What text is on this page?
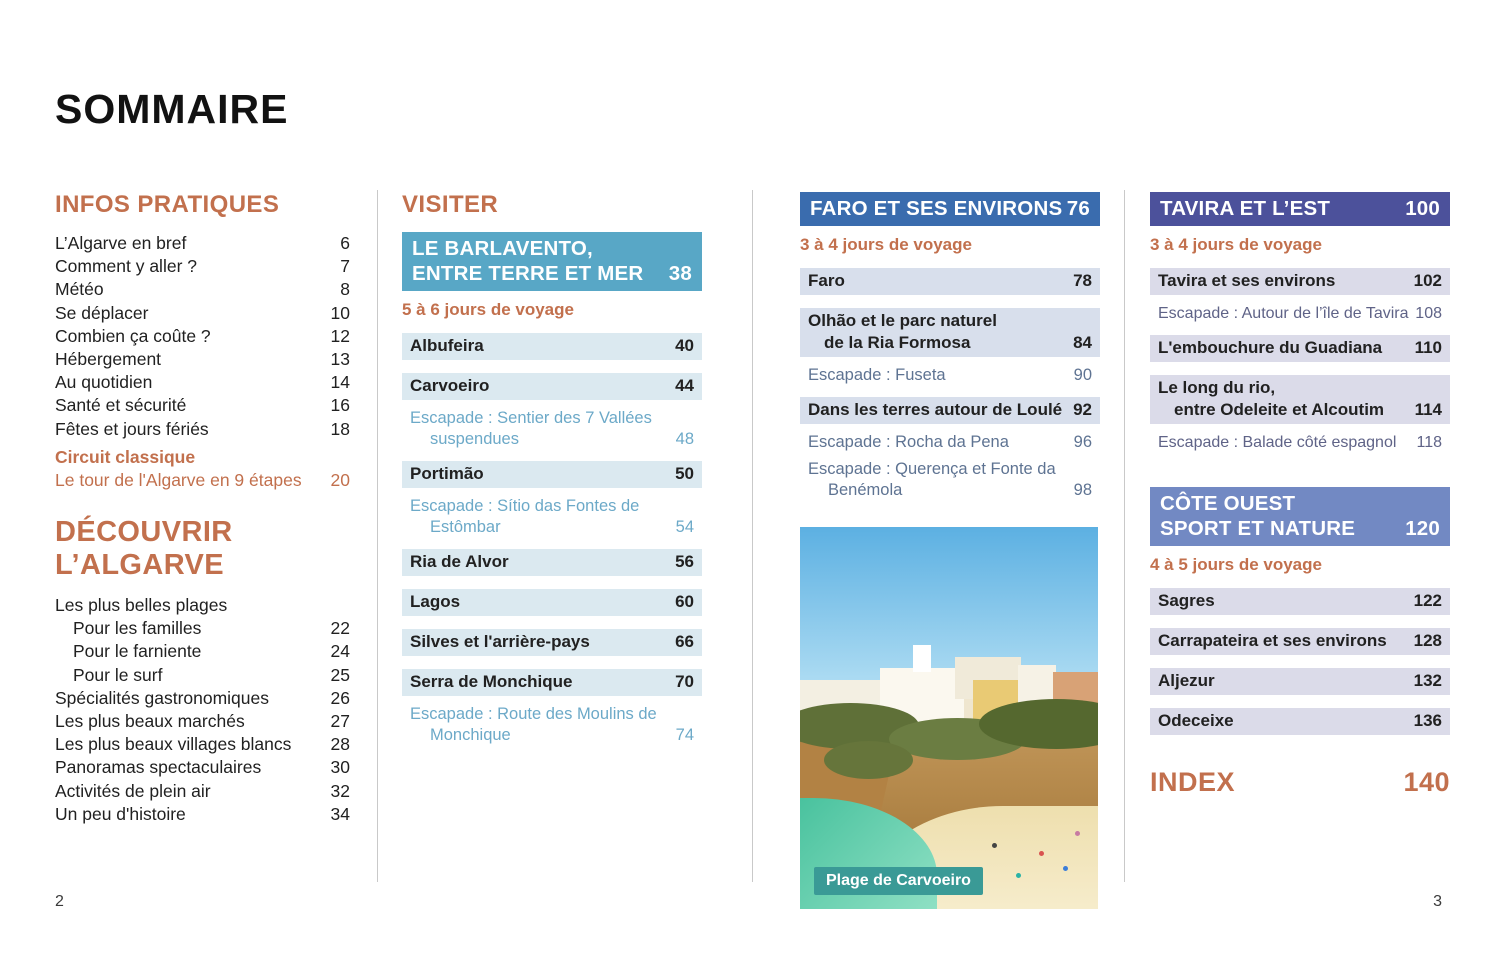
SOMMAIRE
INFOS PRATIQUES
L’Algarve en bref	6
Comment y aller ?	7
Météo	8
Se déplacer	10
Combien ça coûte ?	12
Hébergement	13
Au quotidien	14
Santé et sécurité	16
Fêtes et jours fériés	18
Circuit classique
Le tour de l'Algarve en 9 étapes 20
DÉCOUVRIR
L’ALGARVE
Les plus belles plages
Pour les familles	22
Pour le farniente	24
Pour le surf	25
Spécialités gastronomiques	26
Les plus beaux marchés	27
Les plus beaux villages blancs 28
Panoramas spectaculaires	30
Activités de plein air	32
Un peu d'histoire	34
VISITER
LE BARLAVENTO,
ENTRE TERRE ET MER 38
5 à 6 jours de voyage
Albufeira	40
Carvoeiro	44
Escapade : Sentier des 7 Vallées
suspendues	48
Portimão	50
Escapade : Sítio das Fontes de
Estômbar	54
Ria de Alvor	56
Lagos	60
Silves et l'arrière-pays	66
Serra de Monchique	70
Escapade : Route des Moulins de
Monchique	74
FARO ET SES ENVIRONS 76
3 à 4 jours de voyage
Faro	78
Olhão et le parc naturel
de la Ria Formosa	84
Escapade : Fuseta	90
Dans les terres autour de Loulé 92
Escapade : Rocha da Pena	96
Escapade : Querença et Fonte da
Benémola	98
Plage de Carvoeiro
TAVIRA ET L’EST	100
3 à 4 jours de voyage
Tavira et ses environs	102
Escapade : Autour de l’île de Tavira 108
L'embouchure du Guadiana 110
Le long du rio,
entre Odeleite et Alcoutim 114
Escapade : Balade côté espagnol 118
CÔTE OUEST
SPORT ET NATURE 120
4 à 5 jours de voyage
Sagres	122
Carrapateira et ses environs 128
Aljezur	132
Odeceixe	136
INDEX	140
2	3
